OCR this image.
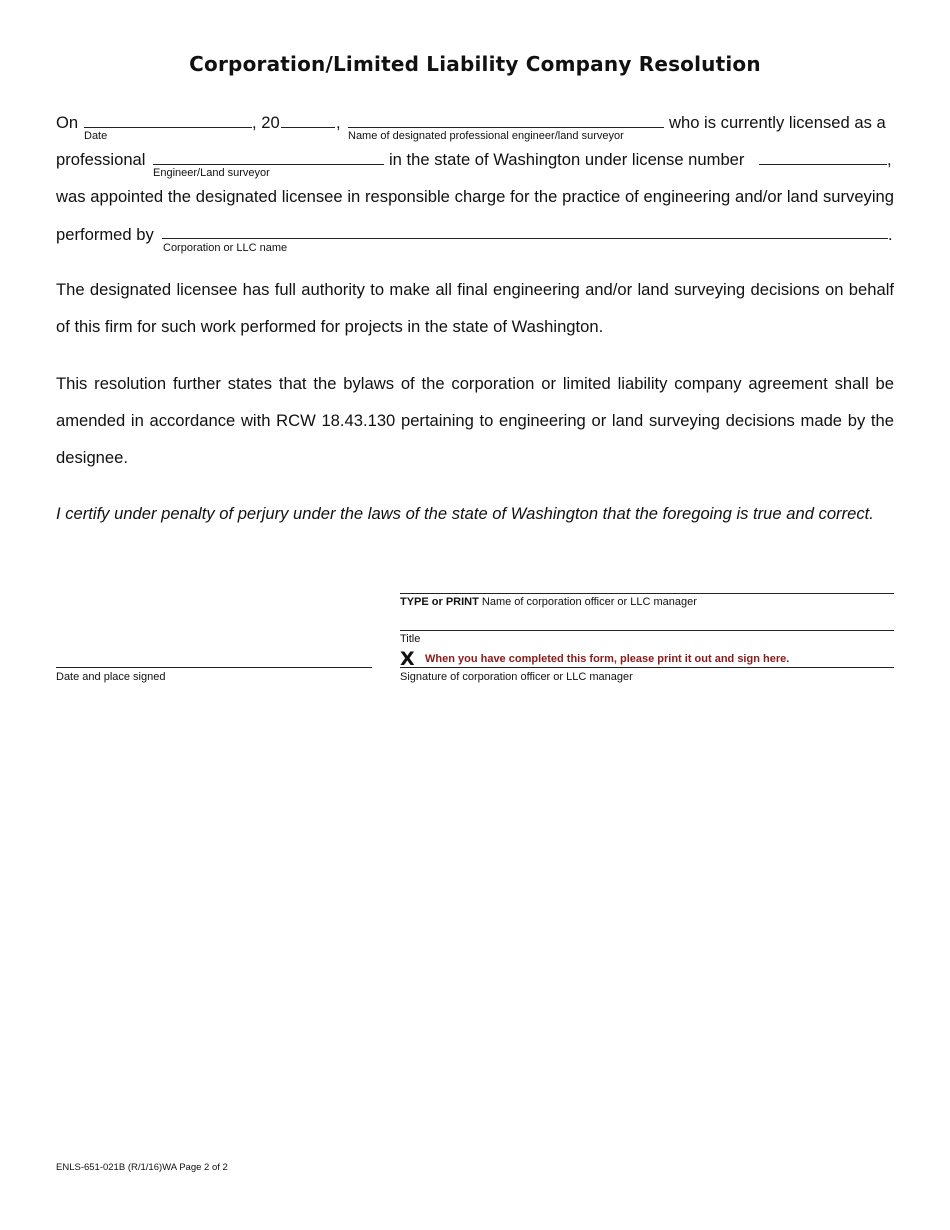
Corporation/Limited Liability Company Resolution
On
Date
, 20	,
Name of designated professional engineer/land surveyor
who is currently licensed as a
professional
Engineer/Land surveyor
in the state of Washington under license number	,
was appointed the designated licensee in responsible charge for the practice of engineering and/or land surveying
performed by
Corporation or LLC name
.
The designated licensee has full authority to make all final engineering and/or land surveying decisions on behalf
of this firm for such work performed for projects in the state of Washington.
This resolution further states that the bylaws of the corporation or limited liability company agreement shall be
amended in accordance with RCW 18.43.130 pertaining to engineering or land surveying decisions made by the
designee.
I certify under penalty of perjury under the laws of the state of Washington that the foregoing is true and correct.
TYPE or PRINT Name of corporation officer or LLC manager
Title
X When you have completed this form, please print it out and sign here.
Signature of corporation officer or LLC manager
Date and place signed
ENLS-651-021B (R/1/16)WA Page 2 of 2
